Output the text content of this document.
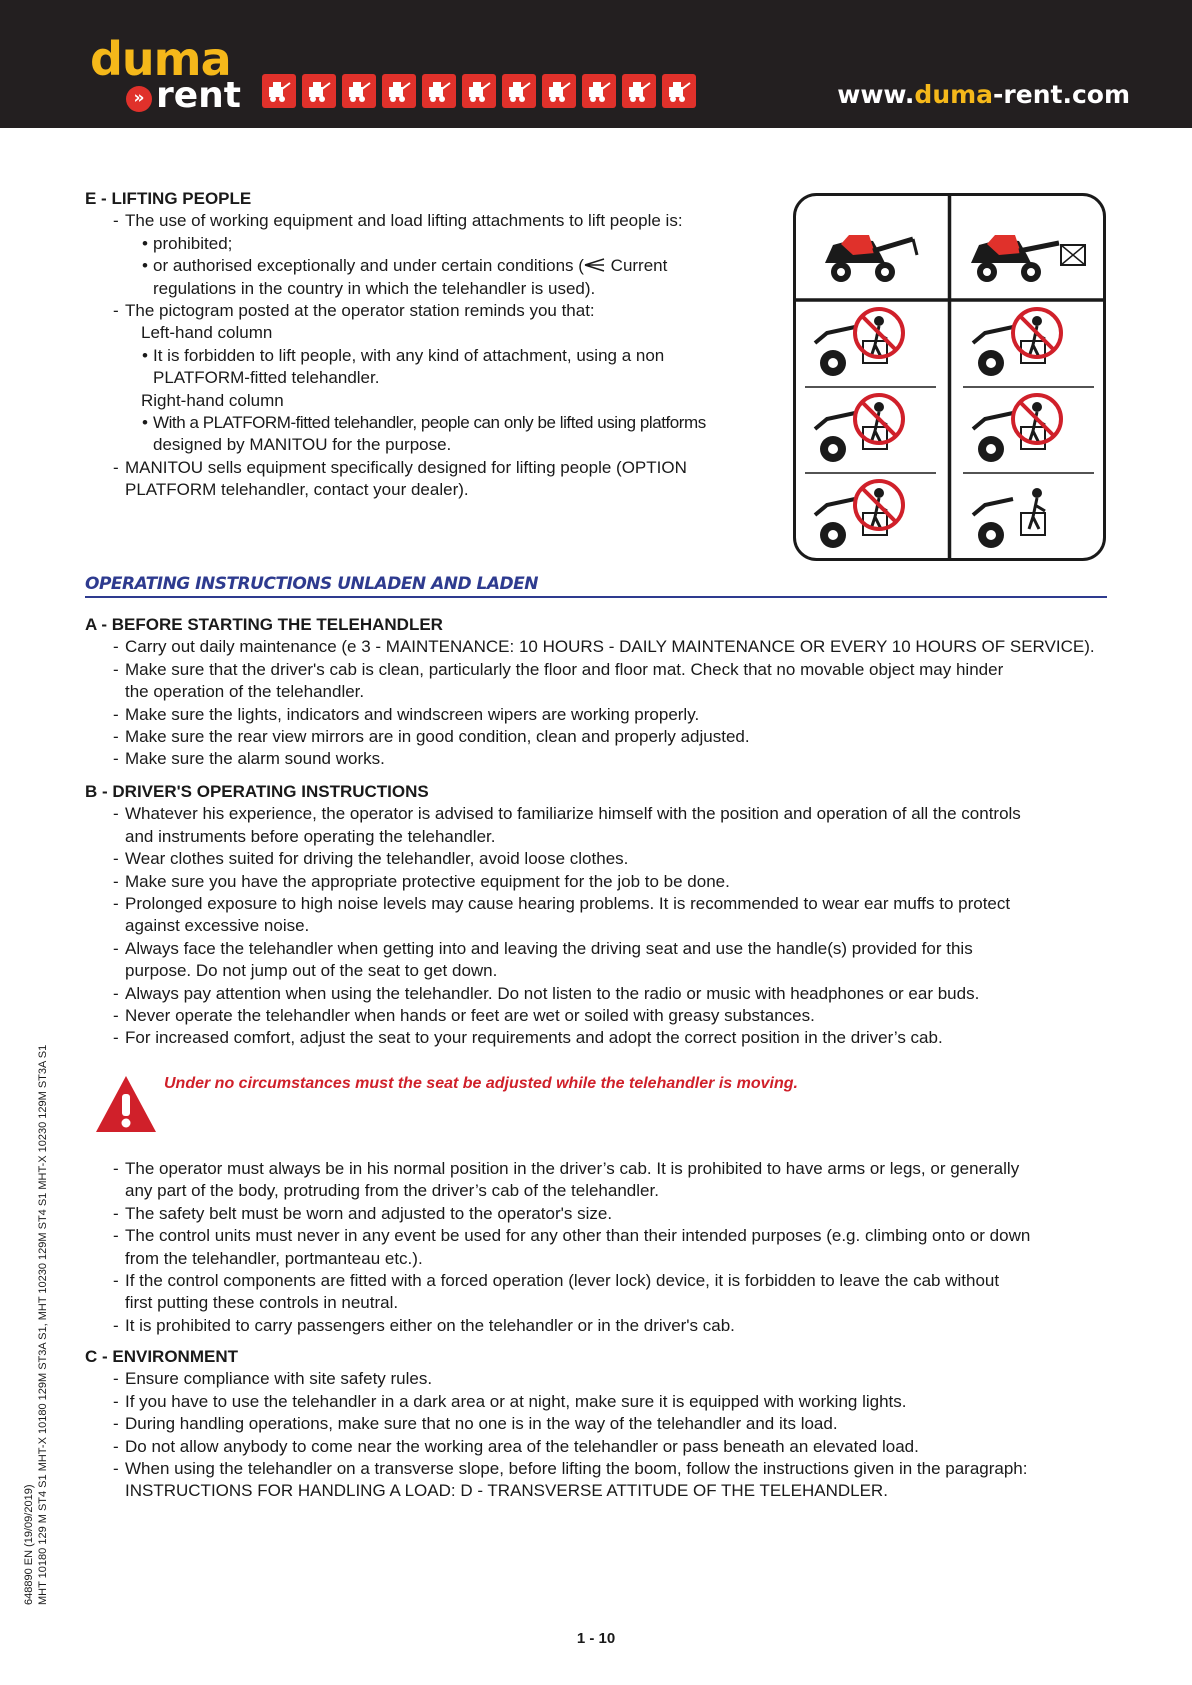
duma
» rent	www.duma-rent.com
E - LIFTING PEOPLE
- The use of working equipment and load lifting attachments to lift people is:
• prohibited;
• or authorised exceptionally and under certain conditions ( Current
regulations in the country in which the telehandler is used).
- The pictogram posted at the operator station reminds you that:
Left-hand column
• It is forbidden to lift people, with any kind of attachment, using a non
PLATFORM-fitted telehandler.
Right-hand column
• With a PLATFORM-fitted telehandler, people can only be lifted using platforms
designed by MANITOU for the purpose.
- MANITOU sells equipment specifically designed for lifting people (OPTION
PLATFORM telehandler, contact your dealer).
OPERATING INSTRUCTIONS UNLADEN AND LADEN
A - BEFORE STARTING THE TELEHANDLER
- Carry out daily maintenance (e 3 - MAINTENANCE: 10 HOURS - DAILY MAINTENANCE OR EVERY 10 HOURS OF SERVICE).
- Make sure that the driver's cab is clean, particularly the floor and floor mat. Check that no movable object may hinder
the operation of the telehandler.
- Make sure the lights, indicators and windscreen wipers are working properly.
- Make sure the rear view mirrors are in good condition, clean and properly adjusted.
- Make sure the alarm sound works.
B - DRIVER'S OPERATING INSTRUCTIONS
- Whatever his experience, the operator is advised to familiarize himself with the position and operation of all the controls
and instruments before operating the telehandler.
- Wear clothes suited for driving the telehandler, avoid loose clothes.
- Make sure you have the appropriate protective equipment for the job to be done.
- Prolonged exposure to high noise levels may cause hearing problems. It is recommended to wear ear muffs to protect
against excessive noise.
- Always face the telehandler when getting into and leaving the driving seat and use the handle(s) provided for this
purpose. Do not jump out of the seat to get down.
- Always pay attention when using the telehandler. Do not listen to the radio or music with headphones or ear buds.
- Never operate the telehandler when hands or feet are wet or soiled with greasy substances.
- For increased comfort, adjust the seat to your requirements and adopt the correct position in the driver’s cab.
Under no circumstances must the seat be adjusted while the telehandler is moving.
- The operator must always be in his normal position in the driver’s cab. It is prohibited to have arms or legs, or generally
any part of the body, protruding from the driver’s cab of the telehandler.
- The safety belt must be worn and adjusted to the operator's size.
- The control units must never in any event be used for any other than their intended purposes (e.g. climbing onto or down
from the telehandler, portmanteau etc.).
- If the control components are fitted with a forced operation (lever lock) device, it is forbidden to leave the cab without
first putting these controls in neutral.
- It is prohibited to carry passengers either on the telehandler or in the driver's cab.
C - ENVIRONMENT
- Ensure compliance with site safety rules.
- If you have to use the telehandler in a dark area or at night, make sure it is equipped with working lights.
- During handling operations, make sure that no one is in the way of the telehandler and its load.
- Do not allow anybody to come near the working area of the telehandler or pass beneath an elevated load.
- When using the telehandler on a transverse slope, before lifting the boom, follow the instructions given in the paragraph:
INSTRUCTIONS FOR HANDLING A LOAD: D - TRANSVERSE ATTITUDE OF THE TELEHANDLER.
648890 EN (19/09/2019) MHT 10180 129 M ST4 S1 MHT-X 10180 129M ST3A S1, MHT 10230 129M ST4 S1 MHT-X 10230 129M ST3A S1
1 - 10
